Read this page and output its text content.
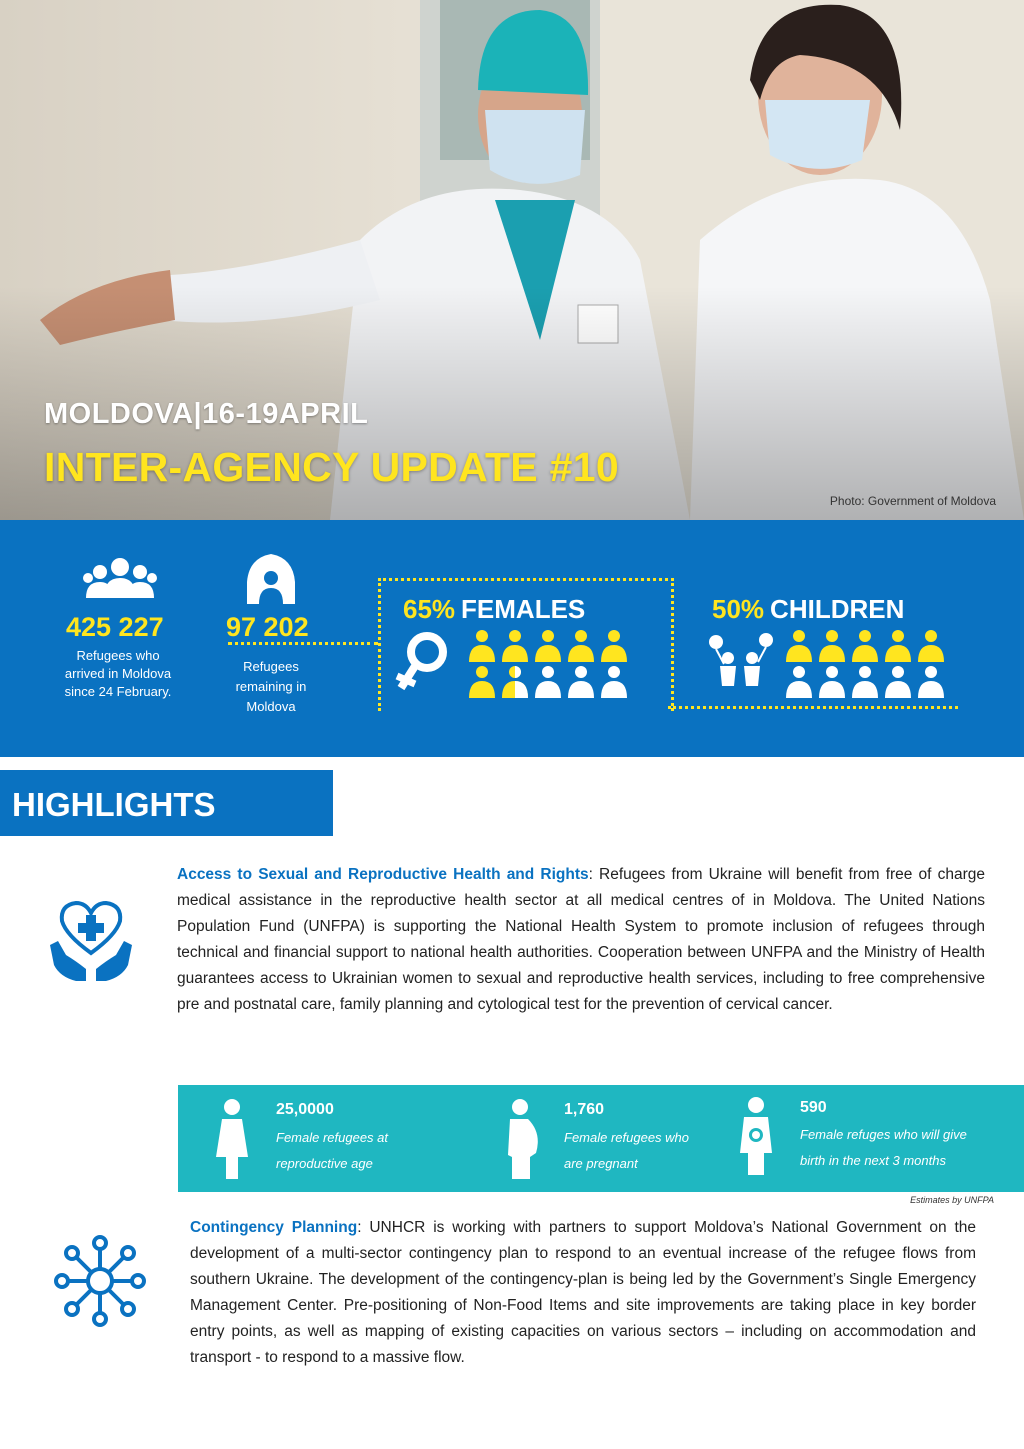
MOLDOVA|16-19APRIL
INTER-AGENCY UPDATE #10
Photo: Government of Moldova
425 227
Refugees who arrived in Moldova since 24 February.
97 202
Refugees remaining in Moldova
65% FEMALES	50% CHILDREN
HIGHLIGHTS
Access to Sexual and Reproductive Health and Rights: Refugees from Ukraine will benefit from free of charge medical assistance in the reproductive health sector at all medical centres of in Moldova. The United Nations Population Fund (UNFPA) is supporting the National Health System to promote inclusion of refugees through technical and financial support to national health authorities. Cooperation between UNFPA and the Ministry of Health guarantees access to Ukrainian women to sexual and reproductive health services, including to free comprehensive pre and postnatal care, family planning and cytological test for the prevention of cervical cancer.
25,0000
Female refugees at
reproductive age
1,760
Female refugees who
are pregnant
590
Female refuges who will give
birth in the next 3 months
Estimates by UNFPA
Contingency Planning: UNHCR is working with partners to support Moldova’s National Government on the development of a multi-sector contingency plan to respond to an eventual increase of the refugee flows from southern Ukraine. The development of the contingency-plan is being led by the Government’s Single Emergency Management Center. Pre-positioning of Non-Food Items and site improvements are taking place in key border entry points, as well as mapping of existing capacities on various sectors – including on accommodation and transport - to respond to a massive flow.
